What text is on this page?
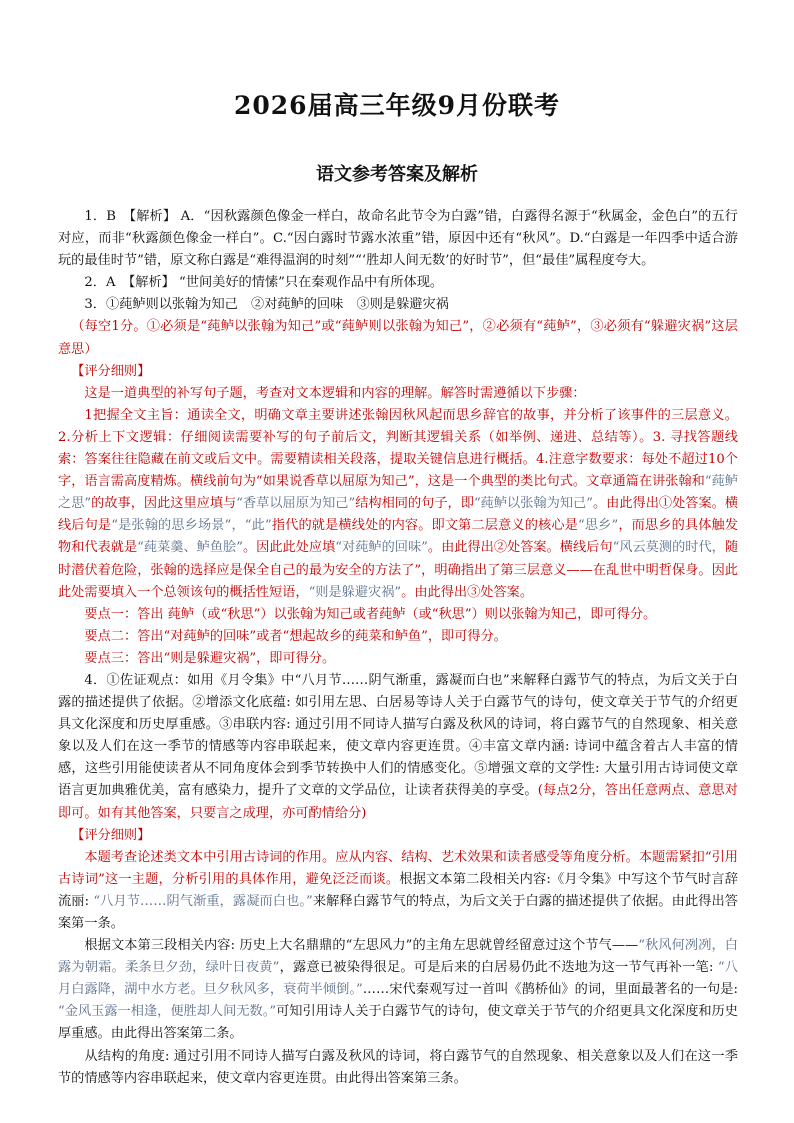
2026届高三年级9月份联考
语文参考答案及解析

1．B　【解析】 A．“因秋露颜色像金一样白，故命名此节令为白露”错，白露得名源于“秋属金，金色白”的五行对应，而非“秋露颜色像金一样白”。C.“因白露时节露水浓重”错，原因中还有“秋风”。D.“白露是一年四季中适合游玩的最佳时节”错，原文称白露是“难得温润的时刻”“‘胜却人间无数’的好时节”，但“最佳”属程度夸大。

2．A　【解析】 “世间美好的情愫”只在秦观作品中有所体现。

3．①莼鲈则以张翰为知己　②对莼鲈的回味　③则是躲避灾祸

（每空1分。①必须是“莼鲈以张翰为知己”或“莼鲈则以张翰为知己”，②必须有“莼鲈”，③必须有“躲避灾祸”这层意思）

【评分细则】

这是一道典型的补写句子题，考查对文本逻辑和内容的理解。解答时需遵循以下步骤：

1把握全文主旨：通读全文，明确文章主要讲述张翰因秋风起而思乡辞官的故事，并分析了该事件的三层意义。2.分析上下文逻辑：仔细阅读需要补写的句子前后文，判断其逻辑关系（如举例、递进、总结等）。3. 寻找答题线索：答案往往隐藏在前文或后文中。需要精读相关段落，提取关键信息进行概括。4.注意字数要求：每处不超过10个字，语言需高度精炼。横线前句为“如果说香草以屈原为知己”，这是一个典型的类比句式。文章通篇在讲张翰和“莼鲈之思”的故事，因此这里应填与“香草以屈原为知己”结构相同的句子，即“莼鲈以张翰为知己”。由此得出①处答案。横线后句是“是张翰的思乡场景”，“此”指代的就是横线处的内容。即文第二层意义的核心是“思乡”，而思乡的具体触发物和代表就是“莼菜羹、鲈鱼脍”。因此此处应填“对莼鲈的回味”。由此得出②处答案。横线后句“风云莫测的时代，随时潜伏着危险，张翰的选择应是保全自己的最为安全的方法了”，明确指出了第三层意义——在乱世中明哲保身。因此此处需要填入一个总领该句的概括性短语，“则是躲避灾祸”。由此得出③处答案。

要点一：答出 莼鲈（或“秋思”）以张翰为知己或者莼鲈（或“秋思”）则以张翰为知己，即可得分。

要点二：答出“对莼鲈的回味”或者“想起故乡的莼菜和鲈鱼”，即可得分。

要点三：答出“则是躲避灾祸”，即可得分。

4．①佐证观点：如用《月令集》中“八月节……阴气渐重，露凝而白也”来解释白露节气的特点，为后文关于白露的描述提供了依据。②增添文化底蕴: 如引用左思、白居易等诗人关于白露节气的诗句，使文章关于节气的介绍更具文化深度和历史厚重感。③串联内容: 通过引用不同诗人描写白露及秋风的诗词，将白露节气的自然现象、相关意象以及人们在这一季节的情感等内容串联起来，使文章内容更连贯。④丰富文章内涵: 诗词中蕴含着古人丰富的情感，这些引用能使读者从不同角度体会到季节转换中人们的情感变化。⑤增强文章的文学性: 大量引用古诗词使文章语言更加典雅优美，富有感染力，提升了文章的文学品位，让读者获得美的享受。(每点2分，答出任意两点、意思对即可。如有其他答案，只要言之成理，亦可酌情给分)

【评分细则】

本题考查论述类文本中引用古诗词的作用。应从内容、结构、艺术效果和读者感受等角度分析。本题需紧扣“引用古诗词”这一主题，分析引用的具体作用，避免泛泛而谈。根据文本第二段相关内容:《月令集》中写这个节气时言辞流丽: “八月节……阴气渐重，露凝而白也。”来解释白露节气的特点，为后文关于白露的描述提供了依据。由此得出答案第一条。

根据文本第三段相关内容: 历史上大名鼎鼎的“左思风力”的主角左思就曾经留意过这个节气——“秋风何冽冽，白露为朝霜。柔条旦夕劲，绿叶日夜黄”，露意已被染得很足。可是后来的白居易仍此不迭地为这一节气再补一笔: “八月白露降，湖中水方老。旦夕秋风多，衰荷半倾倒。”……宋代秦观写过一首叫《鹊桥仙》的词，里面最著名的一句是: “金风玉露一相逢，便胜却人间无数。”可知引用诗人关于白露节气的诗句，使文章关于节气的介绍更具文化深度和历史厚重感。由此得出答案第二条。

从结构的角度: 通过引用不同诗人描写白露及秋风的诗词，将白露节气的自然现象、相关意象以及人们在这一季节的情感等内容串联起来，使文章内容更连贯。由此得出答案第三条。
